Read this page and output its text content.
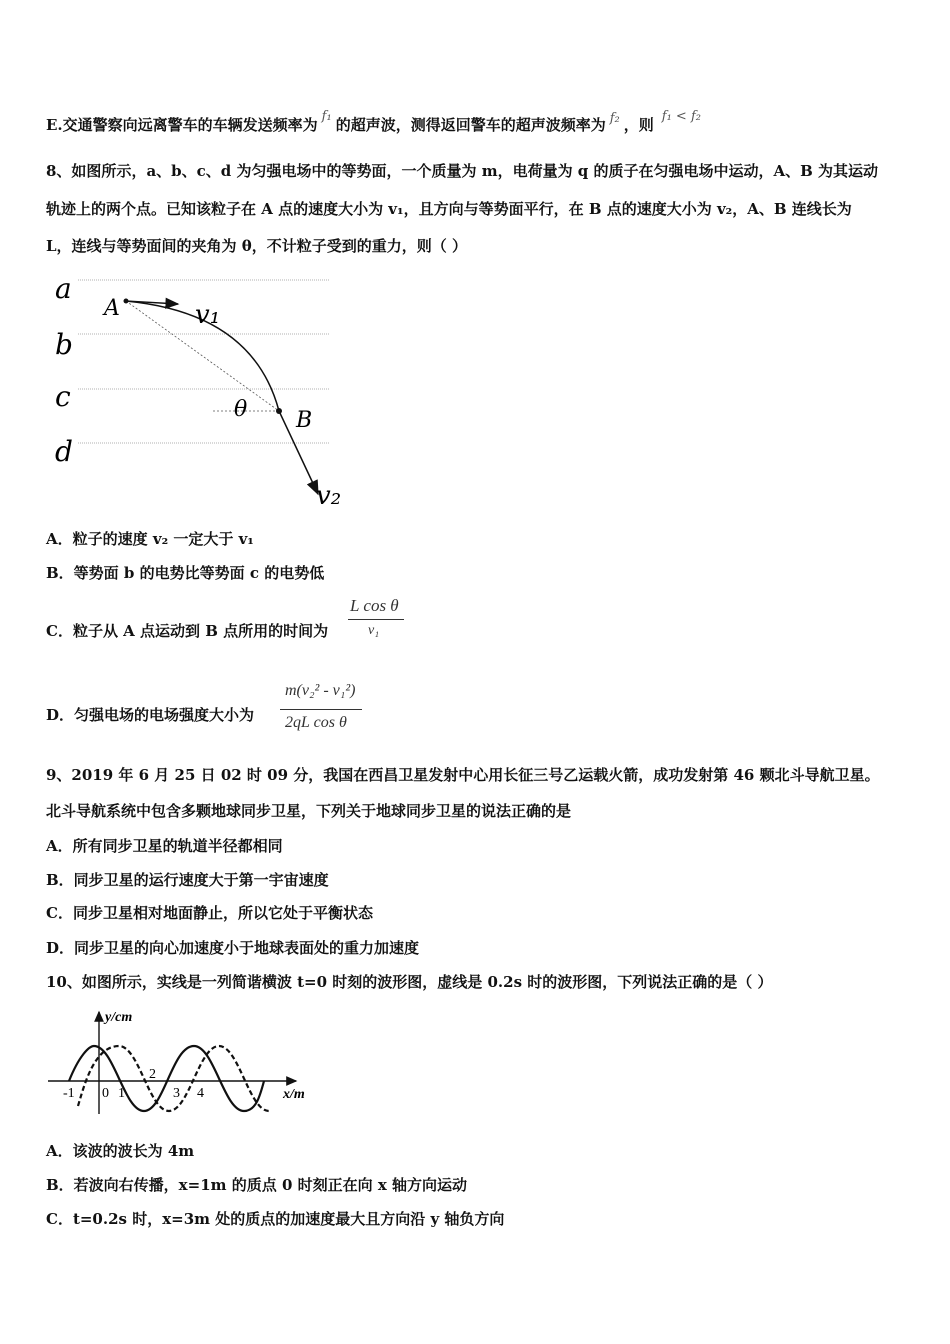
E.交通警察向远离警车的车辆发送频率为 f₁ 的超声波，测得返回警车的超声波频率为 f₂ ，则 f₁ < f₂
8、如图所示，a、b、c、d 为匀强电场中的等势面，一个质量为 m，电荷量为 q 的质子在匀强电场中运动，A、B 为其运动
轨迹上的两个点。已知该粒子在 A 点的速度大小为 v₁，且方向与等势面平行，在 B 点的速度大小为 v₂，A、B 连线长为
L，连线与等势面间的夹角为 θ，不计粒子受到的重力，则（ ）
a
b
c
d
A	v₁
θ B
v₂
A．粒子的速度 v₂ 一定大于 v₁
B．等势面 b 的电势比等势面 c 的电势低
C．粒子从 A 点运动到 B 点所用的时间为
L cos θ
v₁
D．匀强电场的电场强度大小为
m(v₂² - v₁²)
2qL cos θ
9、2019 年 6 月 25 日 02 时 09 分，我国在西昌卫星发射中心用长征三号乙运载火箭，成功发射第 46 颗北斗导航卫星。
北斗导航系统中包含多颗地球同步卫星，下列关于地球同步卫星的说法正确的是
A．所有同步卫星的轨道半径都相同
B．同步卫星的运行速度大于第一宇宙速度
C．同步卫星相对地面静止，所以它处于平衡状态
D．同步卫星的向心加速度小于地球表面处的重力加速度
10、如图所示，实线是一列简谐横波 t=0 时刻的波形图，虚线是 0.2s 时的波形图，下列说法正确的是（ ）
y/cm
x/m
-1 0 1
2
3 4
A．该波的波长为 4m
B．若波向右传播，x=1m 的质点 0 时刻正在向 x 轴方向运动
C．t=0.2s 时，x=3m 处的质点的加速度最大且方向沿 y 轴负方向
